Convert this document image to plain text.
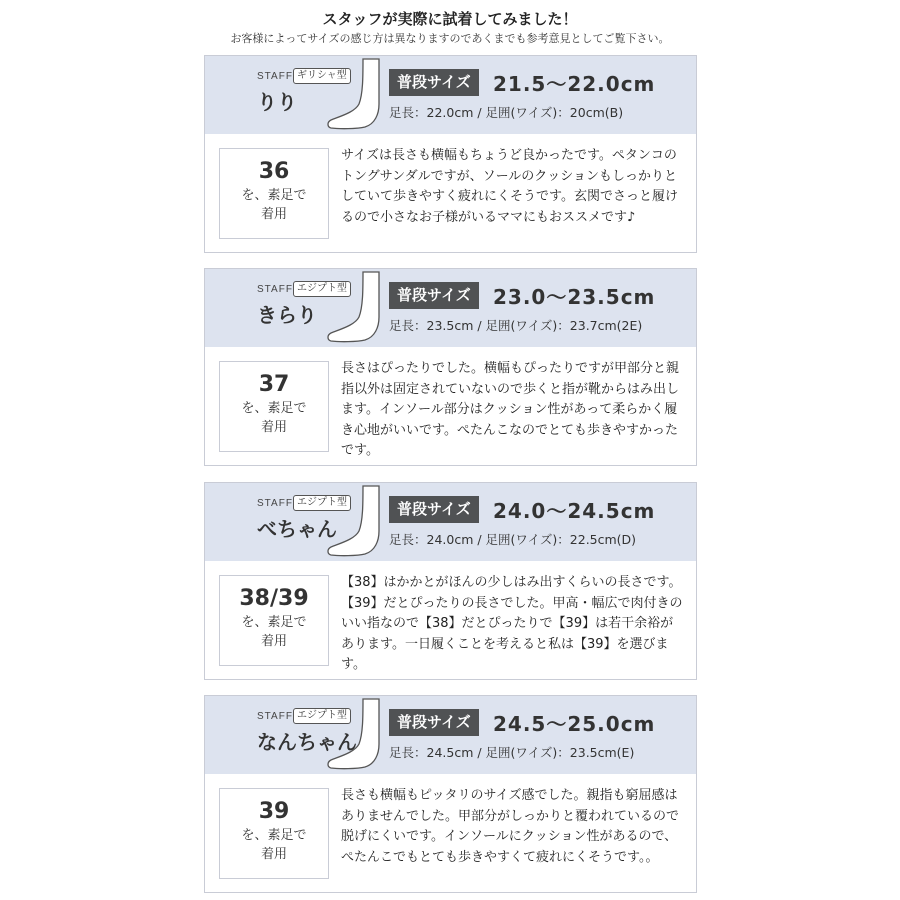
スタッフが実際に試着してみました！
お客様によってサイズの感じ方は異なりますのであくまでも参考意見としてご覧下さい。
STAFF ギリシャ型
りり
普段サイズ	21.5～22.0cm
足長：22.0cm / 足囲(ワイズ)：20cm(B)
36
を、素足で
着用

サイズは長さも横幅もちょうど良かったです。ペタンコのトングサンダルですが、ソールのクッションもしっかりとしていて歩きやすく疲れにくそうです。玄関でさっと履けるので小さなお子様がいるママにもおススメです♪

STAFF エジプト型
きらり
普段サイズ	23.0～23.5cm
足長：23.5cm / 足囲(ワイズ)：23.7cm(2E)
37
を、素足で
着用

長さはぴったりでした。横幅もぴったりですが甲部分と親指以外は固定されていないので歩くと指が靴からはみ出します。インソール部分はクッション性があって柔らかく履き心地がいいです。ぺたんこなのでとても歩きやすかったです。

STAFF エジプト型
べちゃん
普段サイズ	24.0～24.5cm
足長：24.0cm / 足囲(ワイズ)：22.5cm(D)
38/39
を、素足で
着用

【38】はかかとがほんの少しはみ出すくらいの長さです。【39】だとぴったりの長さでした。甲高・幅広で肉付きのいい指なので【38】だとぴったりで【39】は若干余裕があります。一日履くことを考えると私は【39】を選びます。

STAFF エジプト型
なんちゃん
普段サイズ	24.5～25.0cm
足長：24.5cm / 足囲(ワイズ)：23.5cm(E)
39
を、素足で
着用

長さも横幅もピッタリのサイズ感でした。親指も窮屈感はありませんでした。甲部分がしっかりと覆われているので脱げにくいです。インソールにクッション性があるので、ぺたんこでもとても歩きやすくて疲れにくそうです。。
